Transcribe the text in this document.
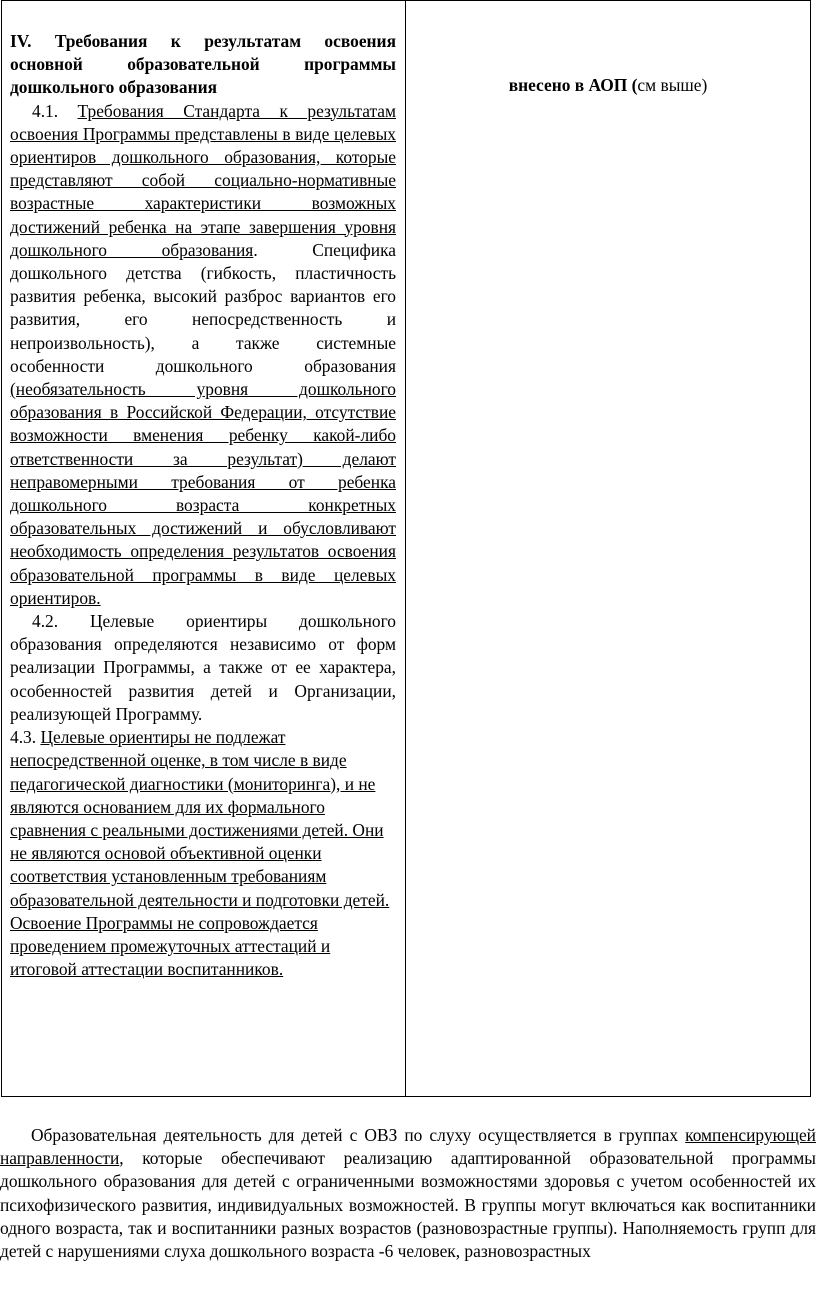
IV. Требования к результатам освоения основной образовательной программы дошкольного образования

4.1. Требования Стандарта к результатам освоения Программы представлены в виде целевых ориентиров дошкольного образования, которые представляют собой социально-нормативные возрастные характеристики возможных достижений ребенка на этапе завершения уровня дошкольного образования. Специфика дошкольного детства (гибкость, пластичность развития ребенка, высокий разброс вариантов его развития, его непосредственность и непроизвольность), а также системные особенности дошкольного образования (необязательность уровня дошкольного образования в Российской Федерации, отсутствие возможности вменения ребенку какой-либо ответственности за результат) делают неправомерными требования от ребенка дошкольного возраста конкретных образовательных достижений и обусловливают необходимость определения результатов освоения образовательной программы в виде целевых ориентиров.

4.2. Целевые ориентиры дошкольного образования определяются независимо от форм реализации Программы, а также от ее характера, особенностей развития детей и Организации, реализующей Программу.

4.3. Целевые ориентиры не подлежат непосредственной оценке, в том числе в виде педагогической диагностики (мониторинга), и не являются основанием для их формального сравнения с реальными достижениями детей. Они не являются основой объективной оценки соответствия установленным требованиям образовательной деятельности и подготовки детей. Освоение Программы не сопровождается проведением промежуточных аттестаций и итоговой аттестации воспитанников.

внесено в АОП (см выше)

Образовательная деятельность для детей с ОВЗ по слуху осуществляется в группах компенсирующей направленности, которые обеспечивают реализацию адаптированной образовательной программы дошкольного образования для детей с ограниченными возможностями здоровья с учетом особенностей их психофизического развития, индивидуальных возможностей. В группы могут включаться как воспитанники одного возраста, так и воспитанники разных возрастов (разновозрастные группы). Наполняемость групп для детей с нарушениями слуха дошкольного возраста -6 человек, разновозрастных
